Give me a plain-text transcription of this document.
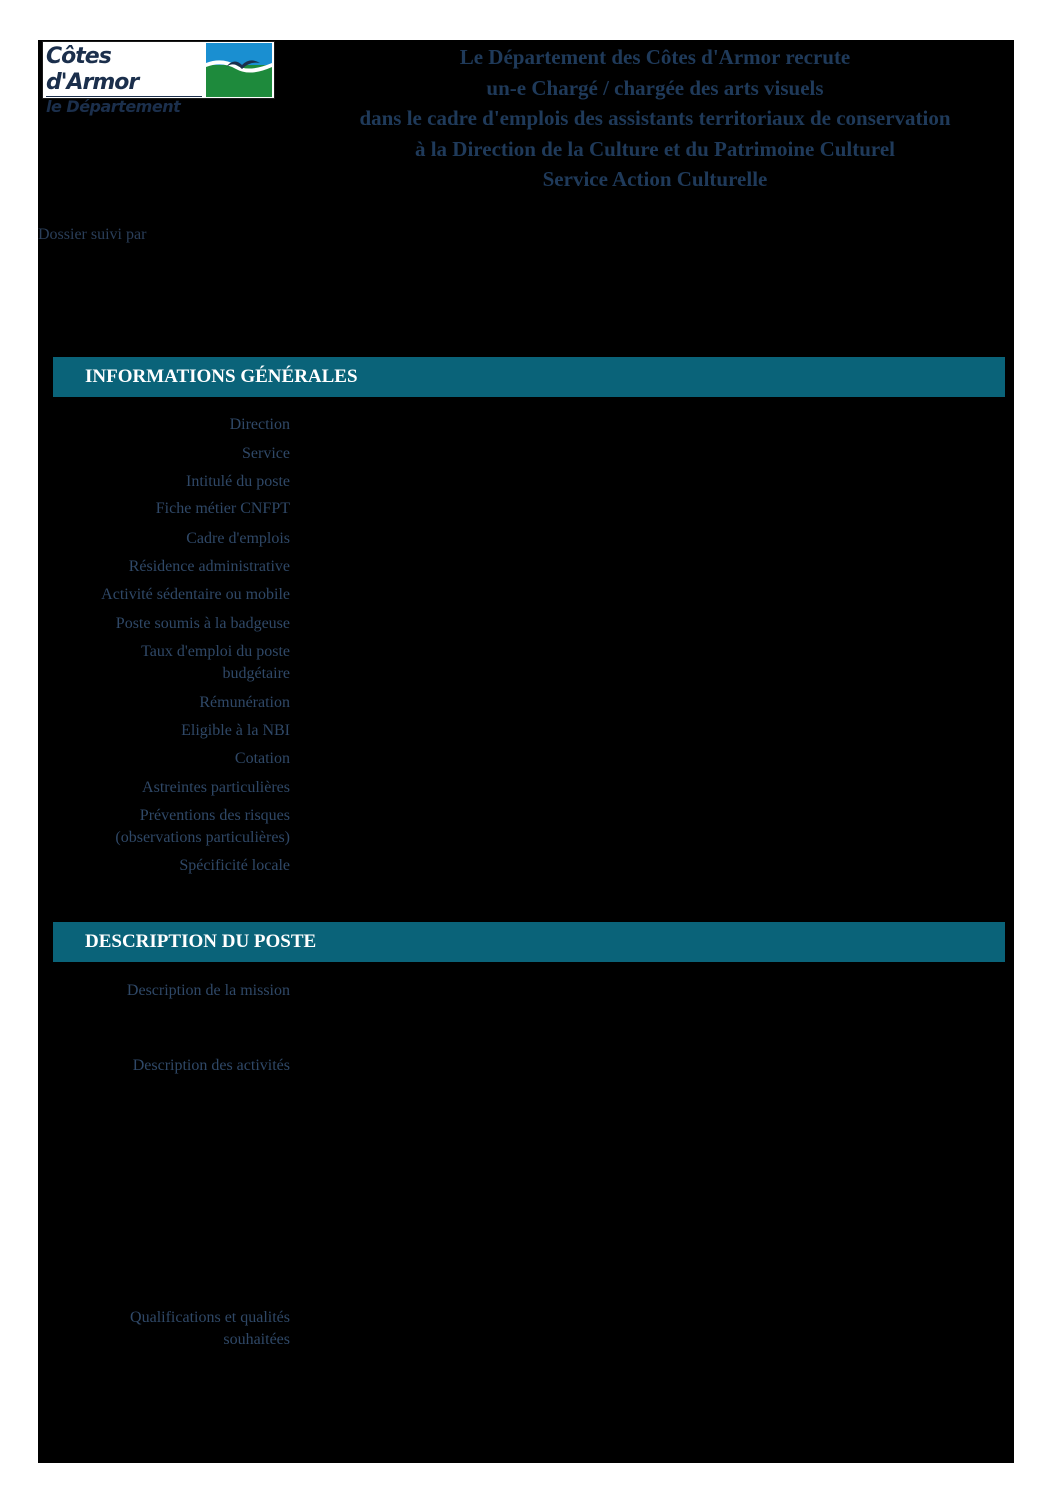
Côtes d'Armor
le Département
Le Département des Côtes d'Armor recrute
un-e Chargé / chargée des arts visuels
dans le cadre d'emplois des assistants territoriaux de conservation
à la Direction de la Culture et du Patrimoine Culturel
Service Action Culturelle
Dossier suivi par
INFORMATIONS GÉNÉRALES
Direction
Service
Intitulé du poste
Fiche métier CNFPT
Cadre d'emplois
Résidence administrative
Activité sédentaire ou mobile
Poste soumis à la badgeuse
Taux d'emploi du poste budgétaire
Rémunération
Eligible à la NBI
Cotation
Astreintes particulières
Préventions des risques (observations particulières)
Spécificité locale
DESCRIPTION DU POSTE
Description de la mission
Description des activités
Qualifications et qualités souhaitées
